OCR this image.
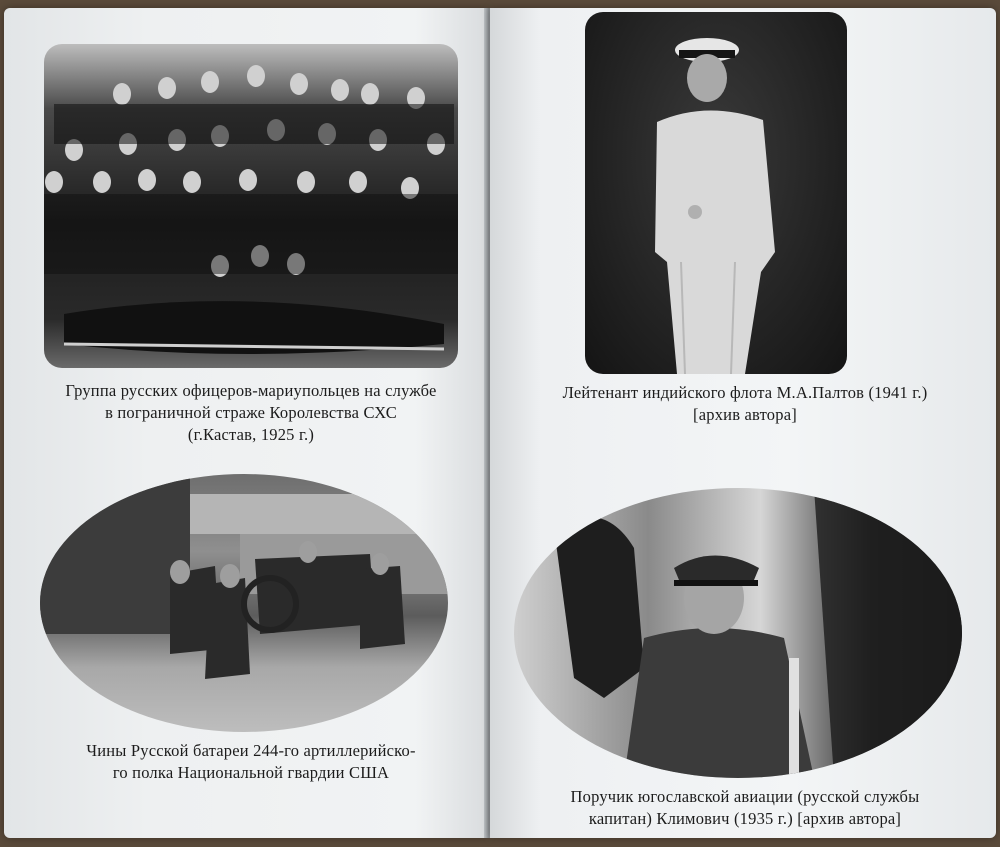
Группа русских офицеров-мариупольцев на службе
в пограничной страже Королевства СХС
(г.Кастав, 1925 г.)
Лейтенант индийского флота М.А.Палтов (1941 г.)
[архив автора]
Чины Русской батареи 244-го артиллерийско-
го полка Национальной гвардии США
www.ay.by
Поручик югославской авиации (русской службы
капитан) Климович (1935 г.) [архив автора]
